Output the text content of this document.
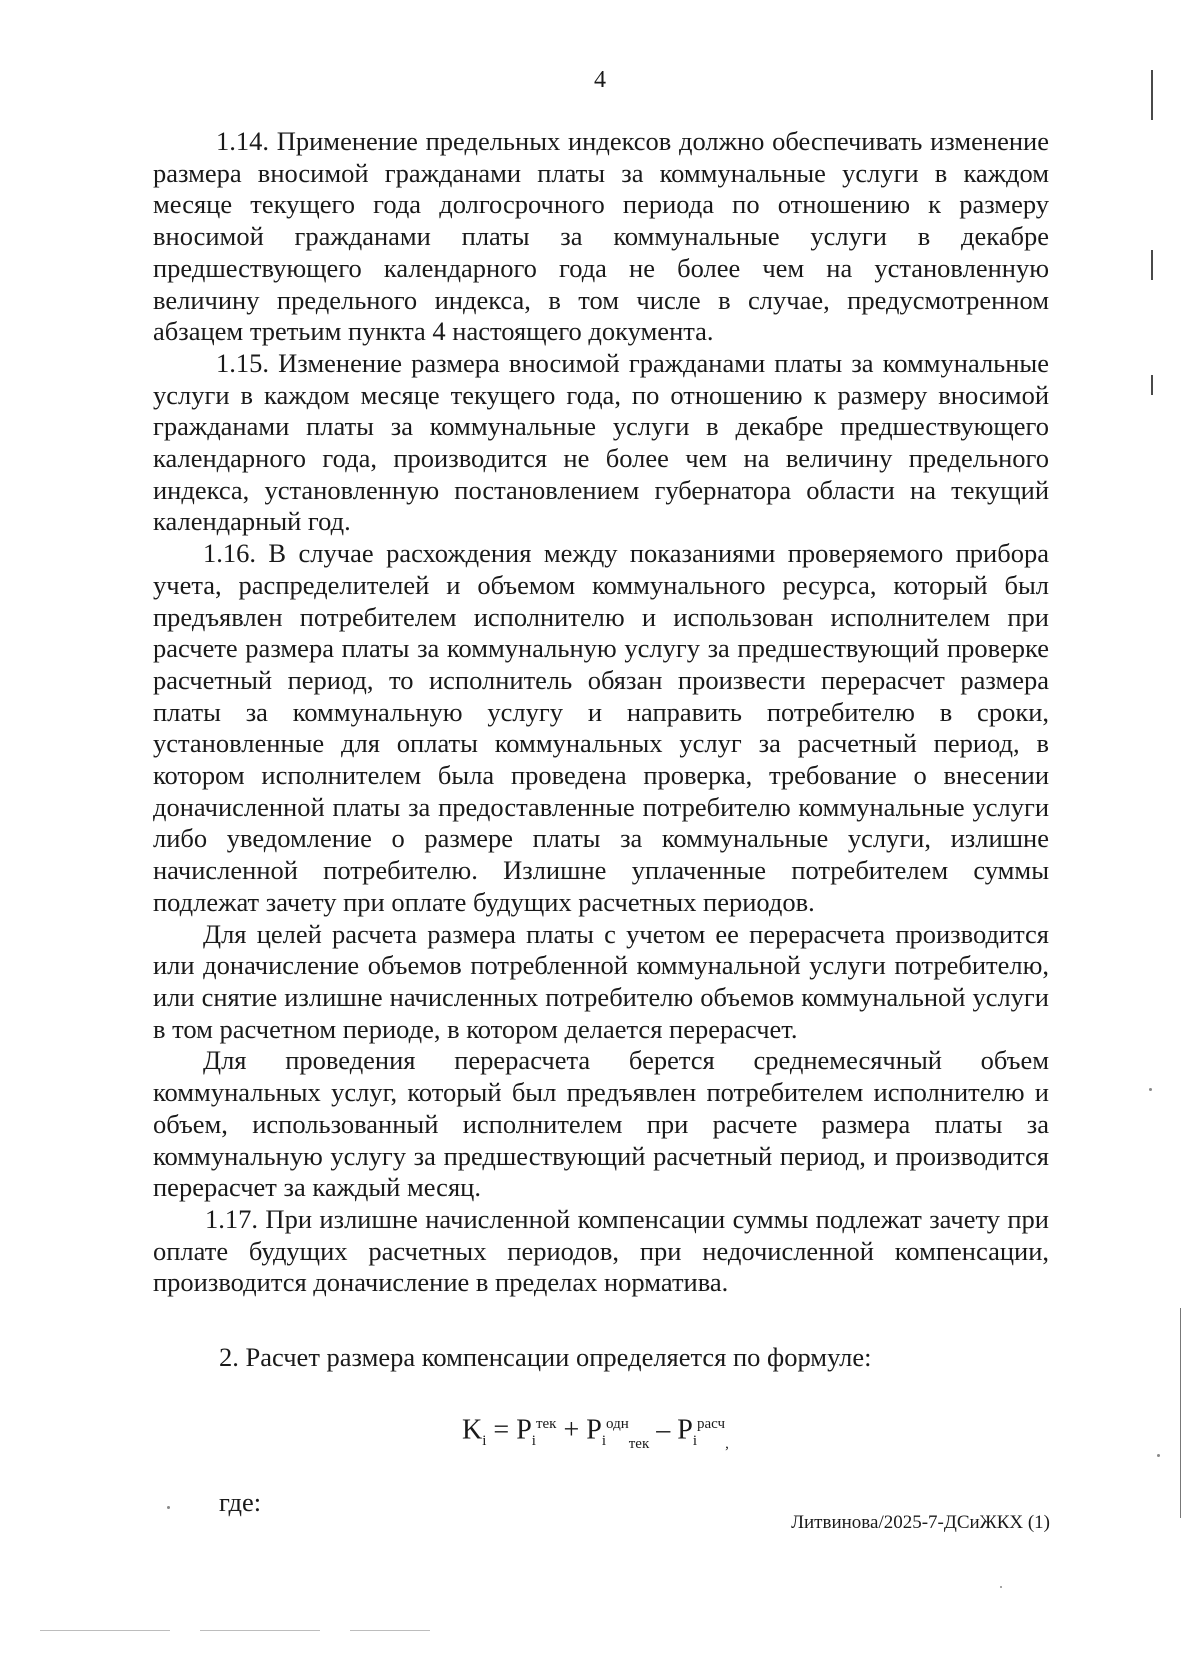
4

1.14. Применение предельных индексов должно обеспечивать изменение размера вносимой гражданами платы за коммунальные услуги в каждом месяце текущего года долгосрочного периода по отношению к размеру вносимой гражданами платы за коммунальные услуги в декабре предшествующего календарного года не более чем на установленную величину предельного индекса, в том числе в случае, предусмотренном абзацем третьим пункта 4 настоящего документа.

1.15. Изменение размера вносимой гражданами платы за коммунальные услуги в каждом месяце текущего года, по отношению к размеру вносимой гражданами платы за коммунальные услуги в декабре предшествующего календарного года, производится не более чем на величину предельного индекса, установленную постановлением губернатора области на текущий календарный год.

1.16. В случае расхождения между показаниями проверяемого прибора учета, распределителей и объемом коммунального ресурса, который был предъявлен потребителем исполнителю и использован исполнителем при расчете размера платы за коммунальную услугу за предшествующий проверке расчетный период, то исполнитель обязан произвести перерасчет размера платы за коммунальную услугу и направить потребителю в сроки, установленные для оплаты коммунальных услуг за расчетный период, в котором исполнителем была проведена проверка, требование о внесении доначисленной платы за предоставленные потребителю коммунальные услуги либо уведомление о размере платы за коммунальные услуги, излишне начисленной потребителю. Излишне уплаченные потребителем суммы подлежат зачету при оплате будущих расчетных периодов.

Для целей расчета размера платы с учетом ее перерасчета производится или доначисление объемов потребленной коммунальной услуги потребителю, или снятие излишне начисленных потребителю объемов коммунальной услуги в том расчетном периоде, в котором делается перерасчет.

Для проведения перерасчета берется среднемесячный объем коммунальных услуг, который был предъявлен потребителем исполнителю и объем, использованный исполнителем при расчете размера платы за коммунальную услугу за предшествующий расчетный период, и производится перерасчет за каждый месяц.

1.17. При излишне начисленной компенсации суммы подлежат зачету при оплате будущих расчетных периодов, при недочисленной компенсации, производится доначисление в пределах норматива.

2. Расчет размера компенсации определяется по формуле:
$K_i = P_i^{тек} + P_i^{одн}_{тек} - P_i^{расч}_,$
где:
Литвинова/2025-7-ДСиЖКХ (1)
